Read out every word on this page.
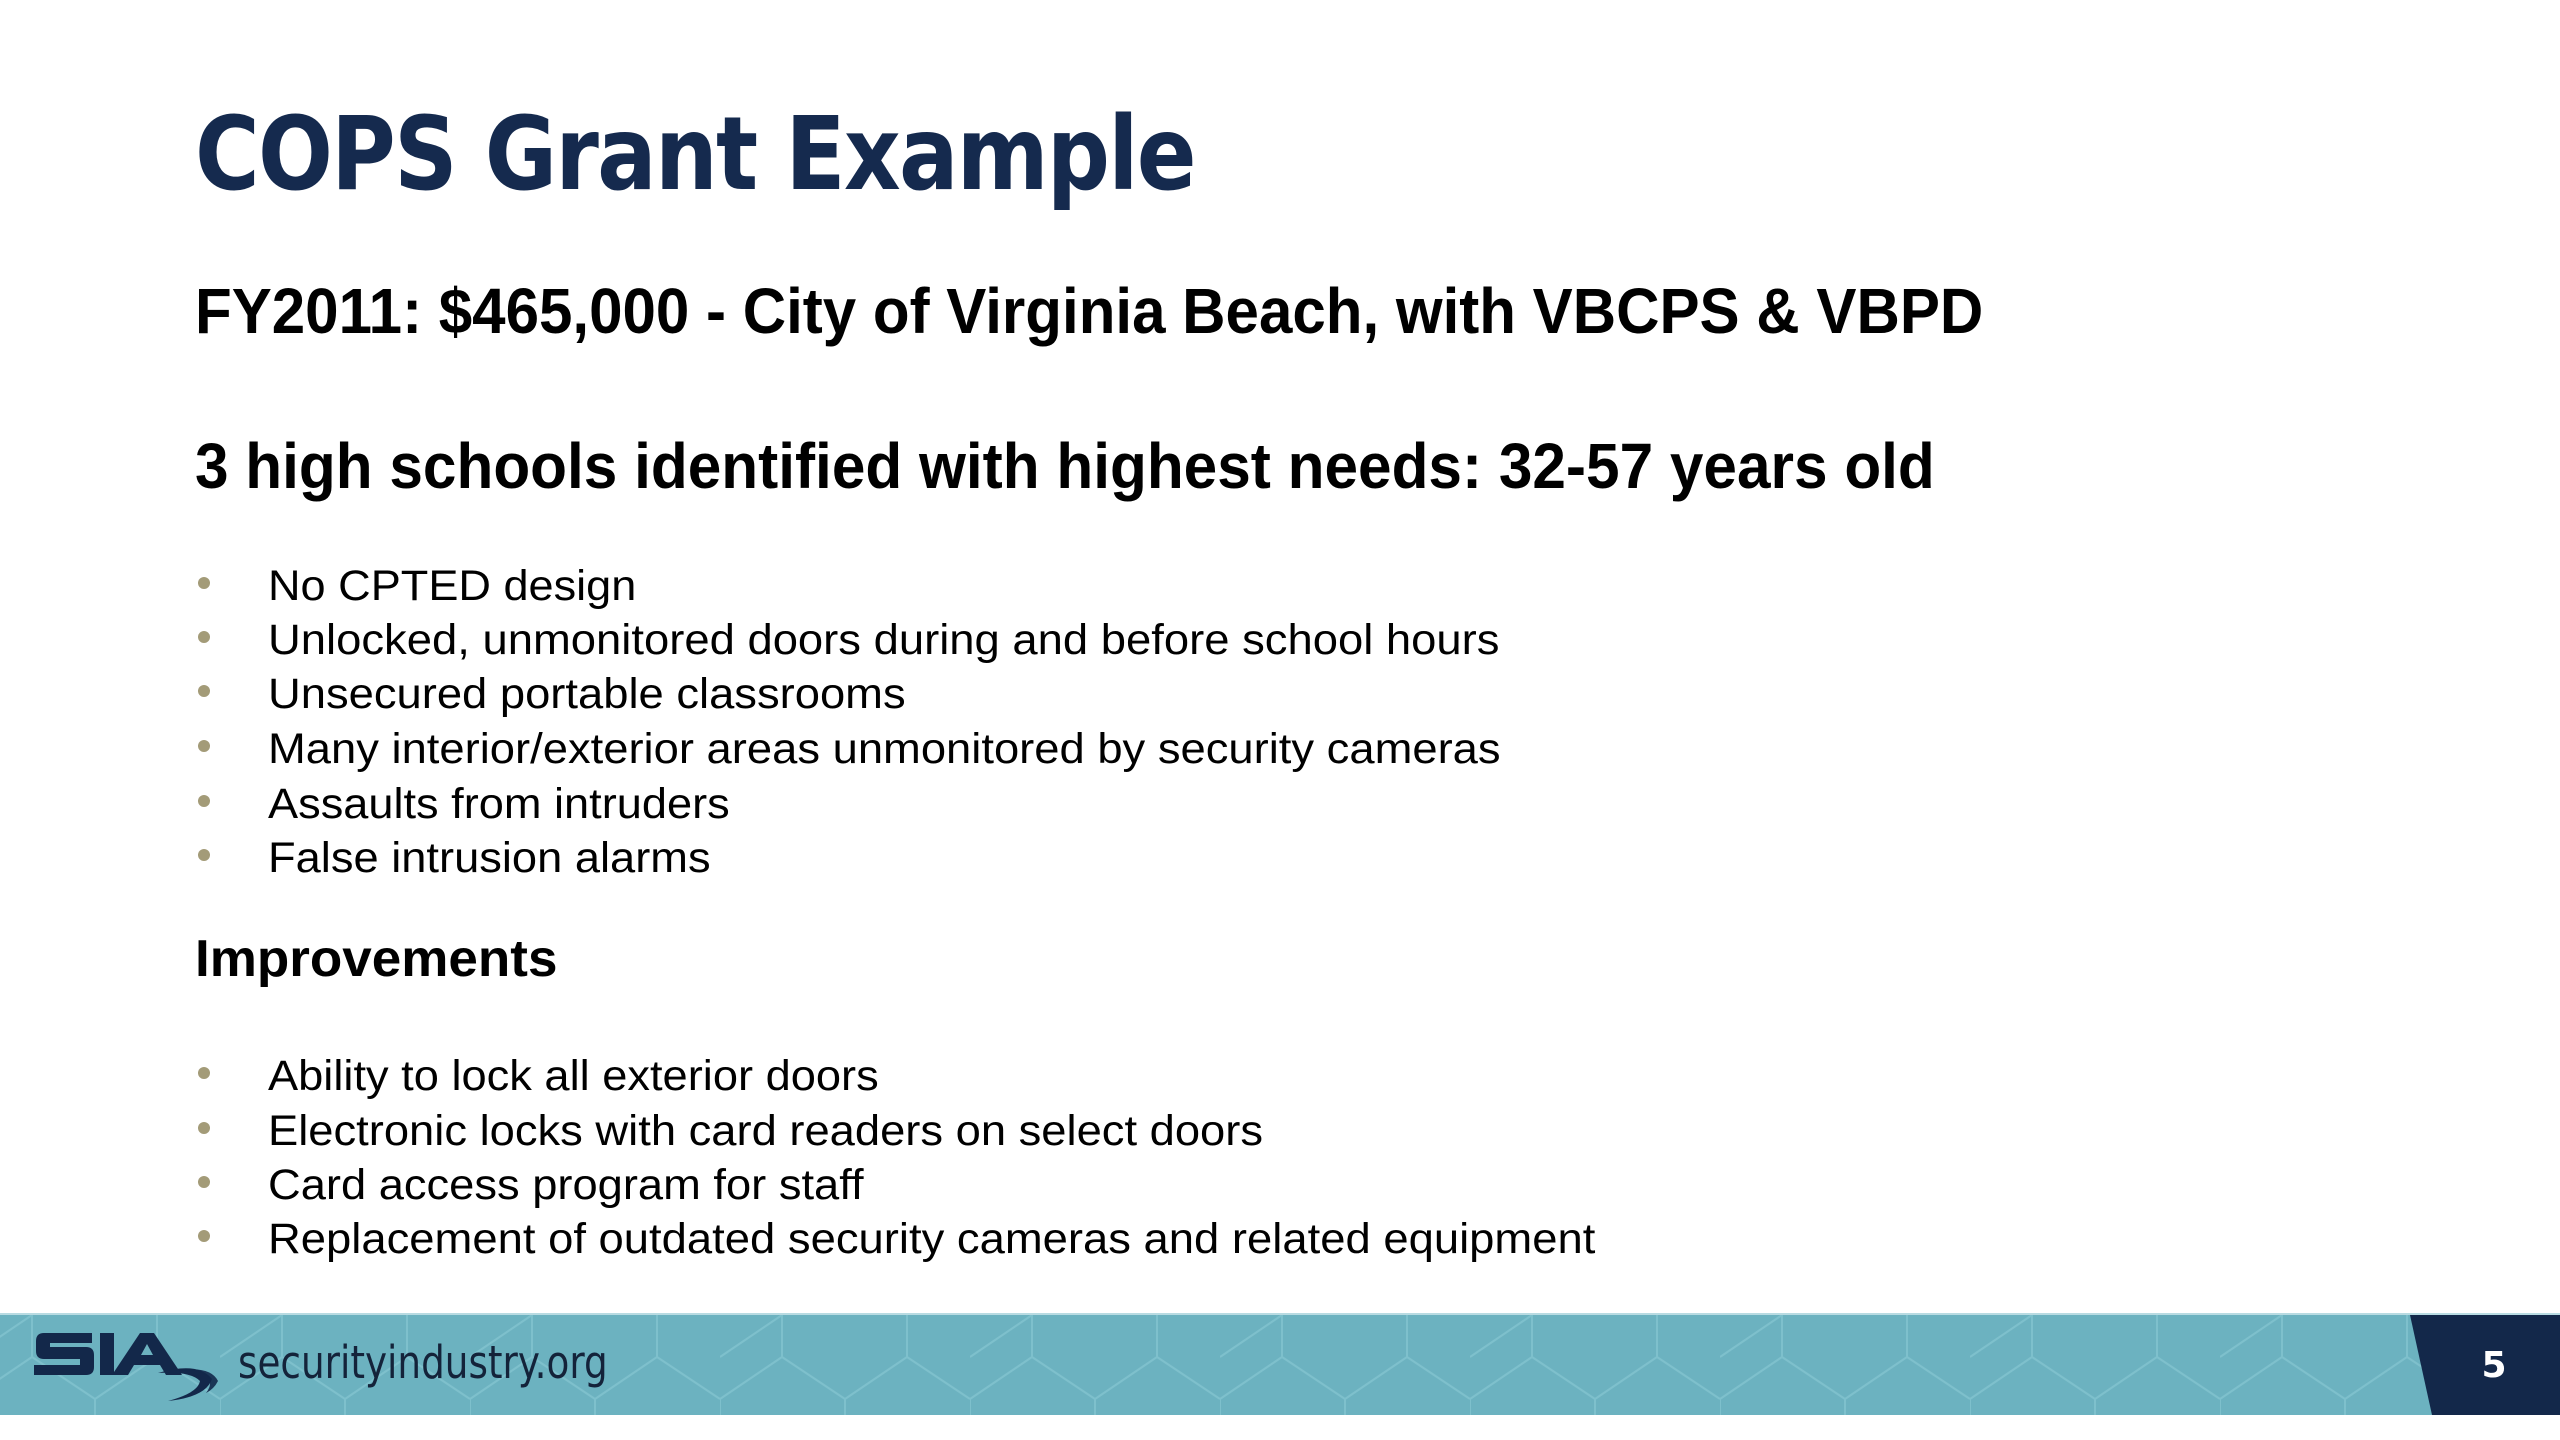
COPS Grant Example
FY2011: $465,000 - City of Virginia Beach, with VBCPS & VBPD
3 high schools identified with highest needs: 32-57 years old
No CPTED design
Unlocked, unmonitored doors during and before school hours
Unsecured portable classrooms
Many interior/exterior areas unmonitored by security cameras
Assaults from intruders
False intrusion alarms
Improvements
Ability to lock all exterior doors
Electronic locks with card readers on select doors
Card access program for staff
Replacement of outdated security cameras and related equipment
securityindustry.org	5
